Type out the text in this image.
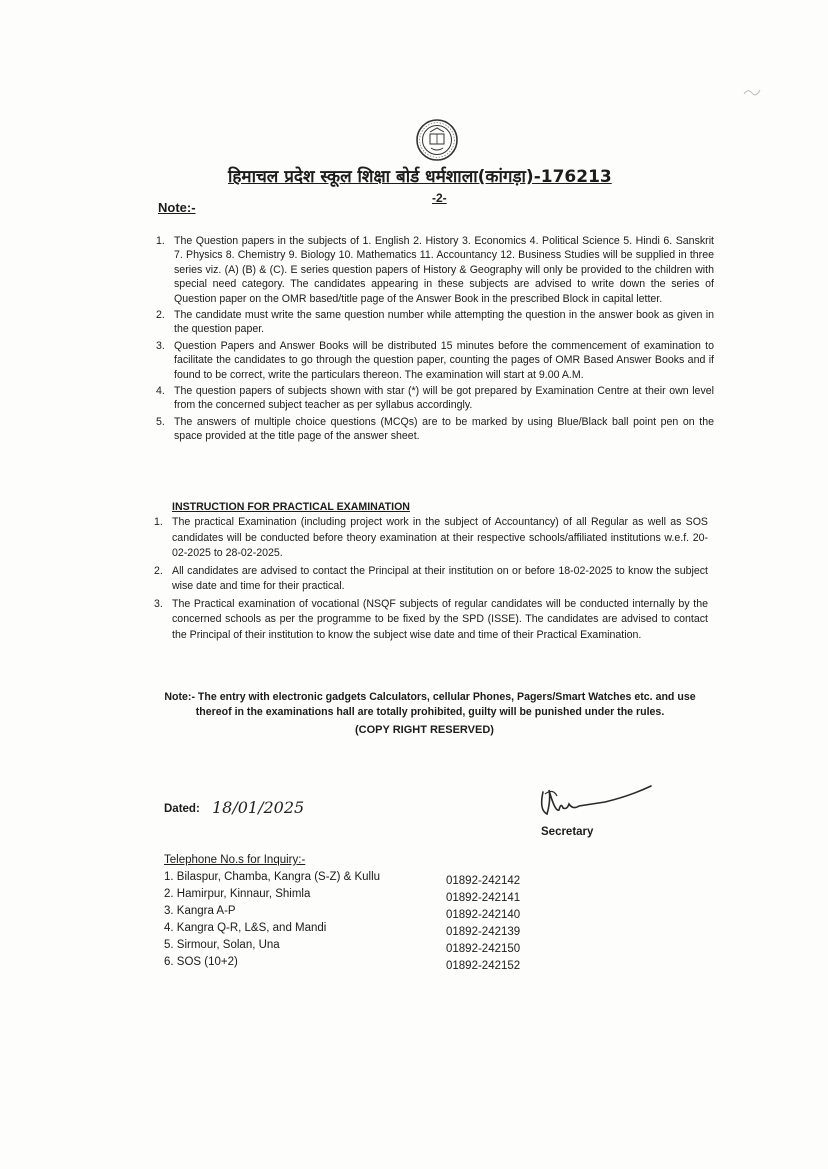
हिमाचल प्रदेश स्कूल शिक्षा बोर्ड धर्मशाला(कांगड़ा)-176213
-2-
Note:-
1. The Question papers in the subjects of 1. English 2. History 3. Economics 4. Political Science 5. Hindi 6. Sanskrit 7. Physics 8. Chemistry 9. Biology 10. Mathematics 11. Accountancy 12. Business Studies will be supplied in three series viz. (A) (B) & (C). E series question papers of History & Geography will only be provided to the children with special need category. The candidates appearing in these subjects are advised to write down the series of Question paper on the OMR based/title page of the Answer Book in the prescribed Block in capital letter.
2. The candidate must write the same question number while attempting the question in the answer book as given in the question paper.
3. Question Papers and Answer Books will be distributed 15 minutes before the commencement of examination to facilitate the candidates to go through the question paper, counting the pages of OMR Based Answer Books and if found to be correct, write the particulars thereon. The examination will start at 9.00 A.M.
4. The question papers of subjects shown with star (*) will be got prepared by Examination Centre at their own level from the concerned subject teacher as per syllabus accordingly.
5. The answers of multiple choice questions (MCQs) are to be marked by using Blue/Black ball point pen on the space provided at the title page of the answer sheet.
INSTRUCTION FOR PRACTICAL EXAMINATION
1. The practical Examination (including project work in the subject of Accountancy) of all Regular as well as SOS candidates will be conducted before theory examination at their respective schools/affiliated institutions w.e.f. 20-02-2025 to 28-02-2025.
2. All candidates are advised to contact the Principal at their institution on or before 18-02-2025 to know the subject wise date and time for their practical.
3. The Practical examination of vocational (NSQF subjects of regular candidates will be conducted internally by the concerned schools as per the programme to be fixed by the SPD (ISSE). The candidates are advised to contact the Principal of their institution to know the subject wise date and time of their Practical Examination.
Note:- The entry with electronic gadgets Calculators, cellular Phones, Pagers/Smart Watches etc. and use thereof in the examinations hall are totally prohibited, guilty will be punished under the rules.
(COPY RIGHT RESERVED)
Dated: 18/01/2025
Secretary
Telephone No.s for Inquiry:-
1. Bilaspur, Chamba, Kangra (S-Z) & Kullu	01892-242142
2. Hamirpur, Kinnaur, Shimla	01892-242141
3. Kangra A-P	01892-242140
4. Kangra Q-R, L&S, and Mandi	01892-242139
5. Sirmour, Solan, Una	01892-242150
6. SOS (10+2)	01892-242152
